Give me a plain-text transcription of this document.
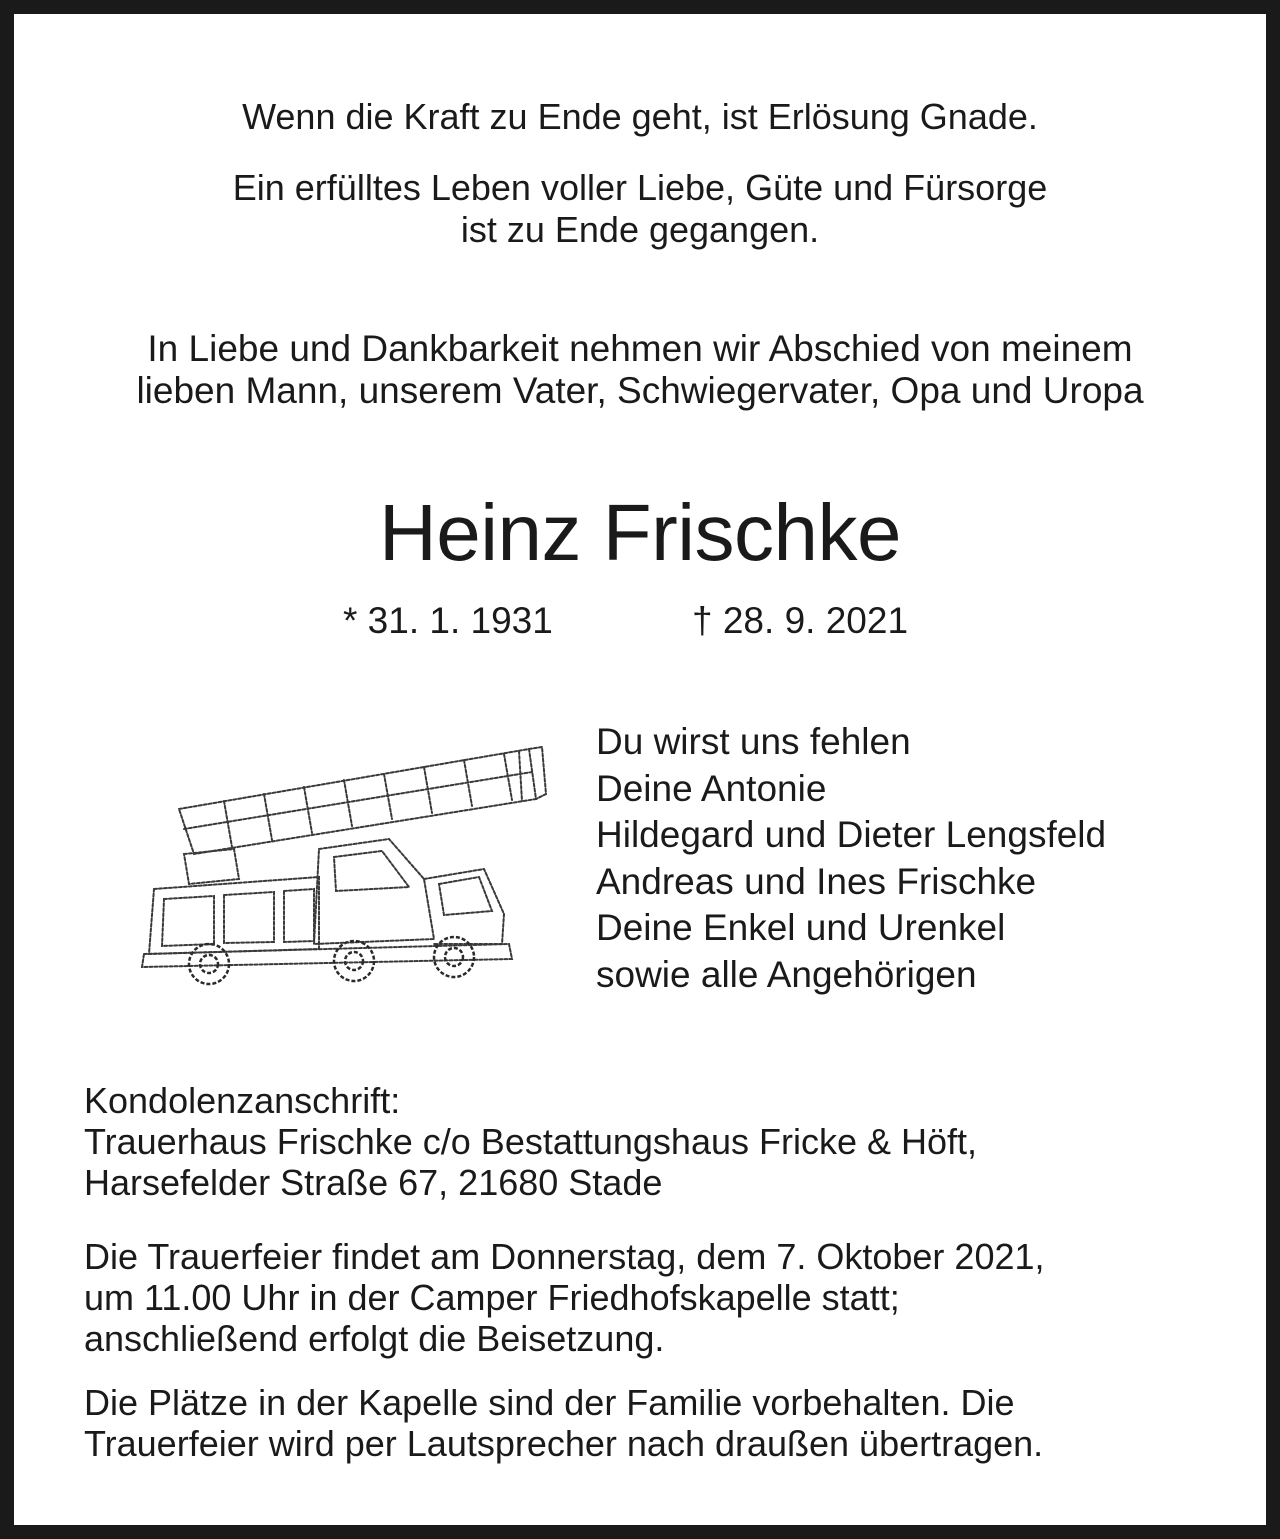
Wenn die Kraft zu Ende geht, ist Erlösung Gnade.
Ein erfülltes Leben voller Liebe, Güte und Fürsorge
ist zu Ende gegangen.
In Liebe und Dankbarkeit nehmen wir Abschied von meinem
lieben Mann, unserem Vater, Schwiegervater, Opa und Uropa
Heinz Frischke
* 31. 1. 1931	† 28. 9. 2021
Du wirst uns fehlen
Deine Antonie
Hildegard und Dieter Lengsfeld
Andreas und Ines Frischke
Deine Enkel und Urenkel
sowie alle Angehörigen
Kondolenzanschrift:
Trauerhaus Frischke c/o Bestattungshaus Fricke & Höft,
Harsefelder Straße 67, 21680 Stade
Die Trauerfeier findet am Donnerstag, dem 7. Oktober 2021,
um 11.00 Uhr in der Camper Friedhofskapelle statt;
anschließend erfolgt die Beisetzung.
Die Plätze in der Kapelle sind der Familie vorbehalten. Die
Trauerfeier wird per Lautsprecher nach draußen übertragen.
